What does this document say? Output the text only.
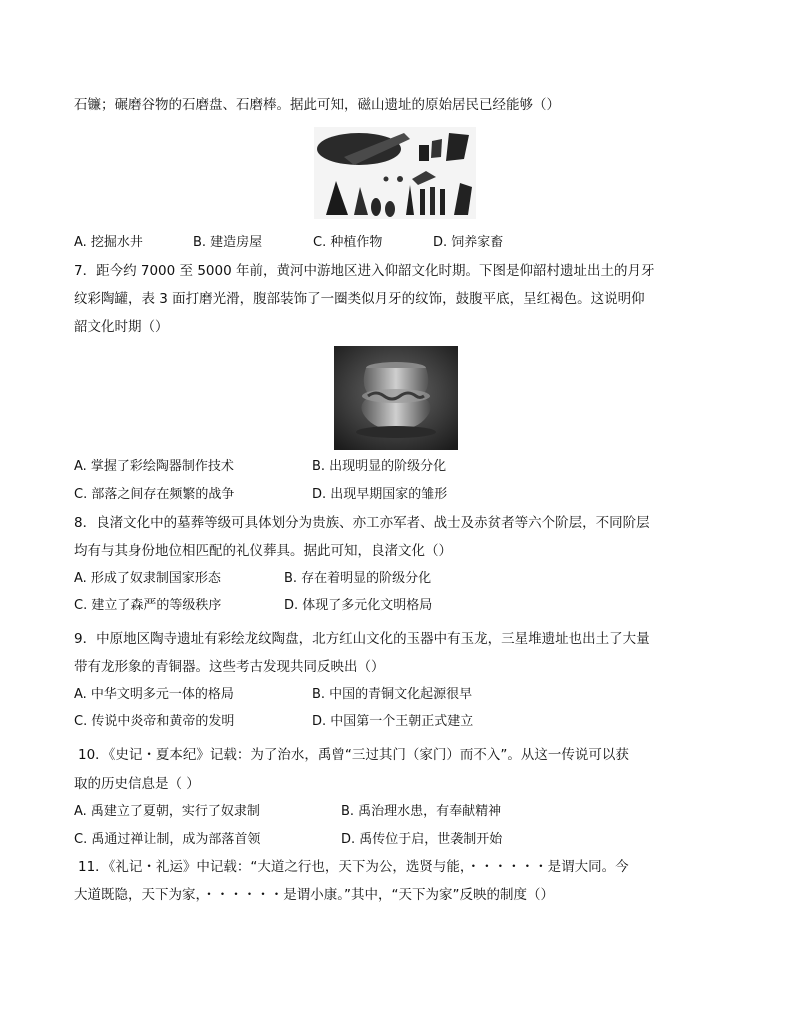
石镰；碾磨谷物的石磨盘、石磨棒。据此可知，磁山遗址的原始居民已经能够（）
A. 挖掘水井	B. 建造房屋	C. 种植作物	D. 饲养家畜
7．距今约 7000 至 5000 年前，黄河中游地区进入仰韶文化时期。下图是仰韶村遗址出土的月牙
纹彩陶罐，表 3 面打磨光滑，腹部装饰了一圈类似月牙的纹饰，鼓腹平底，呈红褐色。这说明仰
韶文化时期（）
A. 掌握了彩绘陶器制作技术	B. 出现明显的阶级分化
C. 部落之间存在频繁的战争	D. 出现早期国家的雏形
8．良渚文化中的墓葬等级可具体划分为贵族、亦工亦军者、战士及赤贫者等六个阶层，不同阶层
均有与其身份地位相匹配的礼仪葬具。据此可知，良渚文化（）
A. 形成了奴隶制国家形态	B. 存在着明显的阶级分化
C. 建立了森严的等级秩序	D. 体现了多元化文明格局
9．中原地区陶寺遗址有彩绘龙纹陶盘，北方红山文化的玉器中有玉龙，三星堆遗址也出土了大量
带有龙形象的青铜器。这些考古发现共同反映出（）
A. 中华文明多元一体的格局	B. 中国的青铜文化起源很早
C. 传说中炎帝和黄帝的发明	D. 中国第一个王朝正式建立
10．《史记・夏本纪》记载：为了治水，禹曾“三过其门（家门）而不入”。从这一传说可以获
取的历史信息是（ ）
A. 禹建立了夏朝，实行了奴隶制	B. 禹治理水患，有奉献精神
C. 禹通过禅让制，成为部落首领	D. 禹传位于启，世袭制开始
11．《礼记・礼运》中记载：“大道之行也，天下为公，选贤与能，・・・・・・是谓大同。今
大道既隐，天下为家，・・・・・・是谓小康。”其中，“天下为家”反映的制度（）
